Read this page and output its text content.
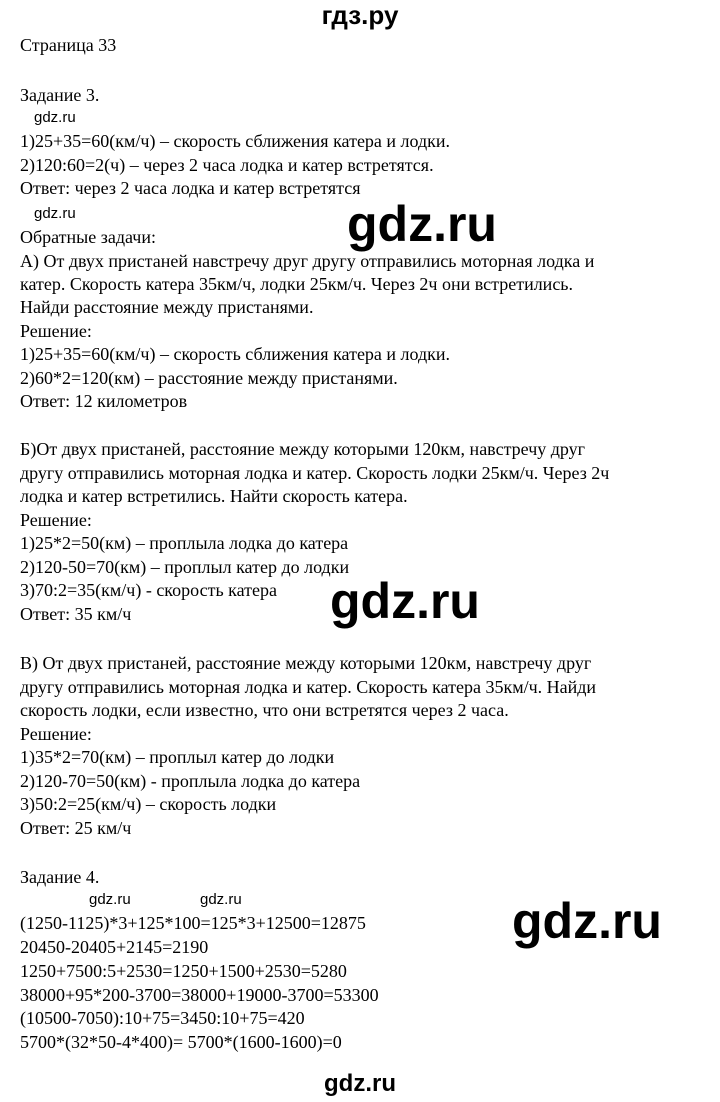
гдз.ру
Страница 33
Задание 3.
gdz.ru
1)25+35=60(км/ч) – скорость сближения катера и лодки.
2)120:60=2(ч) – через 2 часа лодка и катер встретятся.
Ответ: через 2 часа лодка и катер встретятся
gdz.ru	gdz.ru
Обратные задачи:
А) От двух пристаней навстречу друг другу отправились моторная лодка и
катер. Скорость катера 35км/ч, лодки 25км/ч. Через 2ч они встретились.
Найди расстояние между пристанями.
Решение:
1)25+35=60(км/ч) – скорость сближения катера и лодки.
2)60*2=120(км) – расстояние между пристанями.
Ответ: 12 километров
Б)От двух пристаней, расстояние между которыми 120км, навстречу друг
другу отправились моторная лодка и катер. Скорость лодки 25км/ч. Через 2ч
лодка и катер встретились. Найти скорость катера.
Решение:
1)25*2=50(км) – проплыла лодка до катера
2)120-50=70(км) – проплыл катер до лодки
3)70:2=35(км/ч) - скорость катера
Ответ: 35 км/ч	gdz.ru
В) От двух пристаней, расстояние между которыми 120км, навстречу друг
другу отправились моторная лодка и катер. Скорость катера 35км/ч. Найди
скорость лодки, если известно, что они встретятся через 2 часа.
Решение:
1)35*2=70(км) – проплыл катер до лодки
2)120-70=50(км) - проплыла лодка до катера
3)50:2=25(км/ч) – скорость лодки
Ответ: 25 км/ч
Задание 4.
gdz.ru	gdz.ru	gdz.ru
(1250-1125)*3+125*100=125*3+12500=12875
20450-20405+2145=2190
1250+7500:5+2530=1250+1500+2530=5280
38000+95*200-3700=38000+19000-3700=53300
(10500-7050):10+75=3450:10+75=420
5700*(32*50-4*400)= 5700*(1600-1600)=0
gdz.ru
